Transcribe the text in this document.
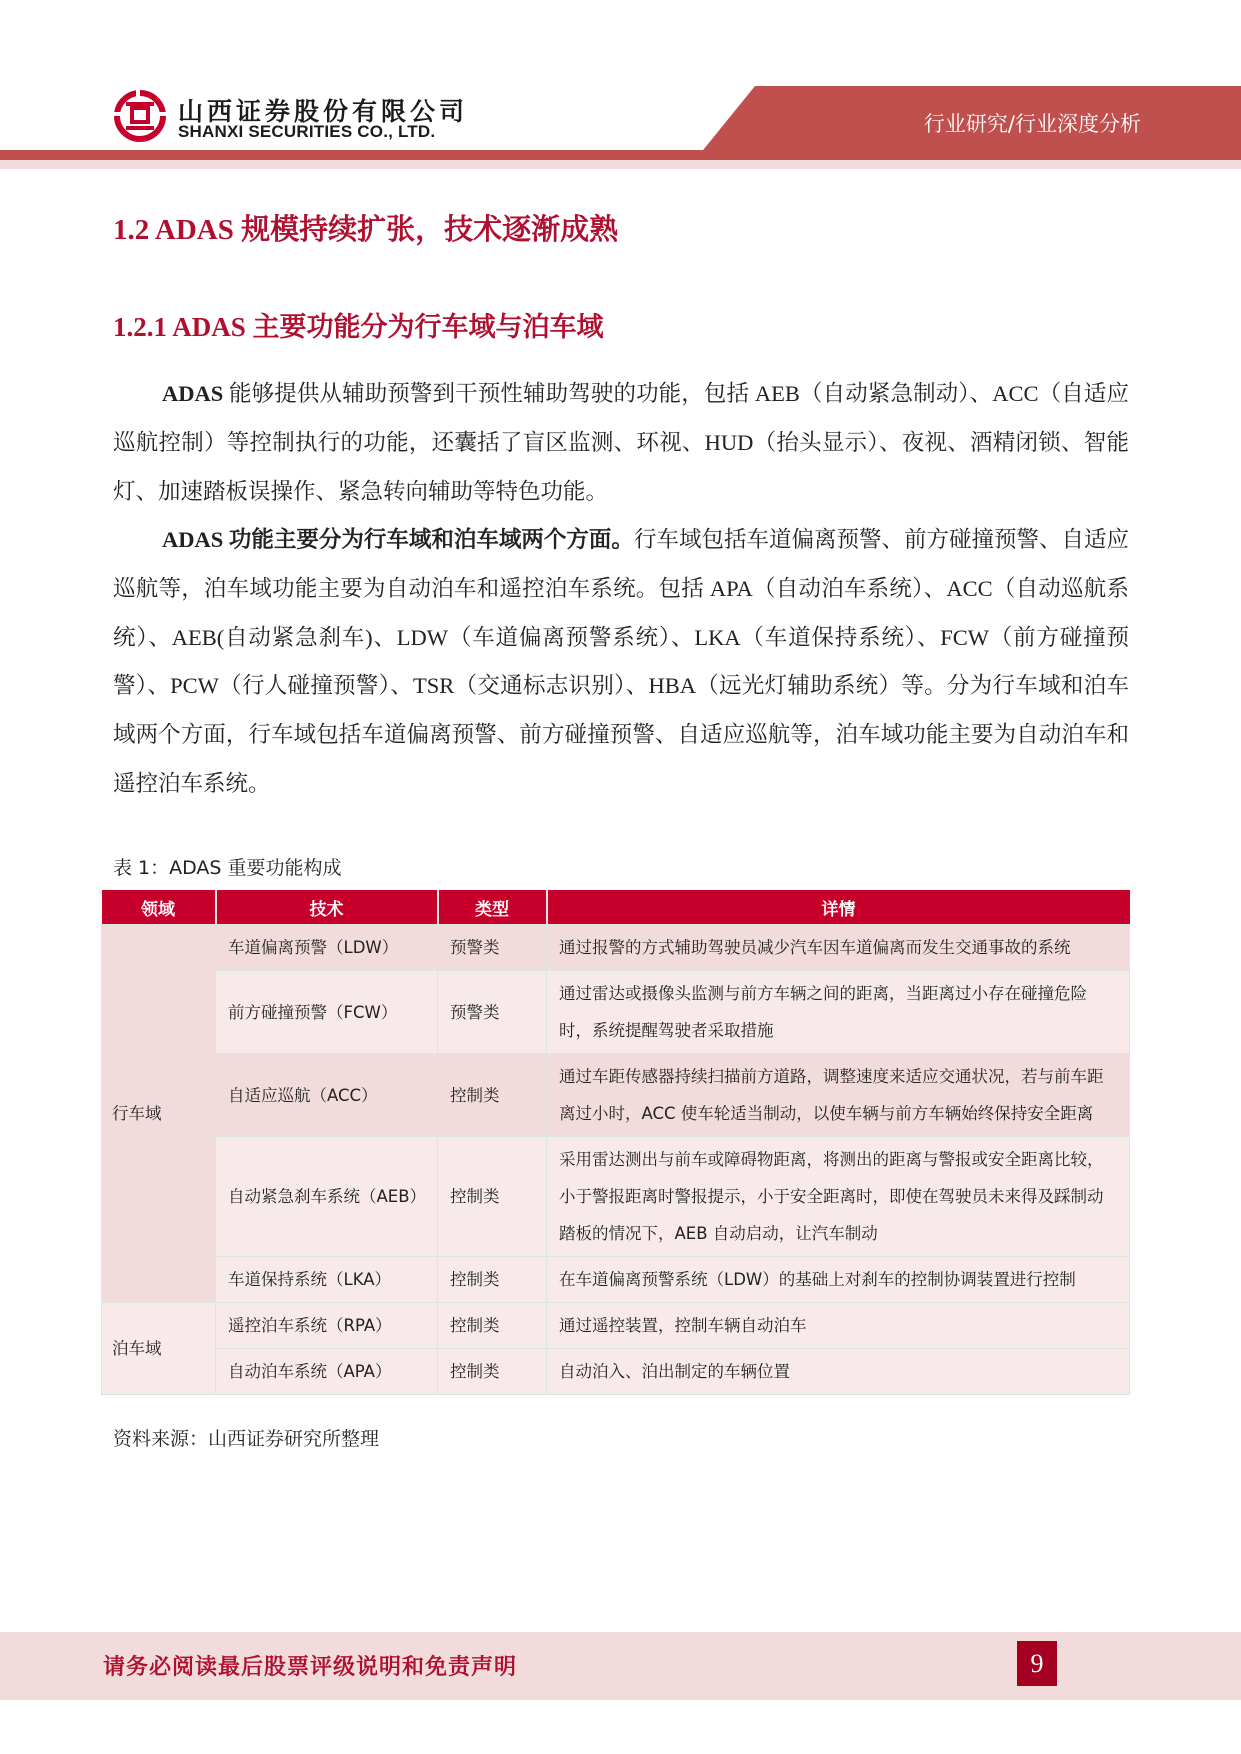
山西证券股份有限公司
SHANXI SECURITIES CO., LTD.	行业研究/行业深度分析
1.2 ADAS 规模持续扩张，技术逐渐成熟
1.2.1 ADAS 主要功能分为行车域与泊车域
ADAS 能够提供从辅助预警到干预性辅助驾驶的功能，包括 AEB（自动紧急制动）、ACC（自适应巡航控制）等控制执行的功能，还囊括了盲区监测、环视、HUD（抬头显示）、夜视、酒精闭锁、智能灯、加速踏板误操作、紧急转向辅助等特色功能。
ADAS 功能主要分为行车域和泊车域两个方面。行车域包括车道偏离预警、前方碰撞预警、自适应巡航等，泊车域功能主要为自动泊车和遥控泊车系统。包括 APA（自动泊车系统）、ACC（自动巡航系统）、AEB(自动紧急刹车)、LDW（车道偏离预警系统）、LKA（车道保持系统）、FCW（前方碰撞预警）、PCW（行人碰撞预警）、TSR（交通标志识别）、HBA（远光灯辅助系统）等。分为行车域和泊车域两个方面，行车域包括车道偏离预警、前方碰撞预警、自适应巡航等，泊车域功能主要为自动泊车和遥控泊车系统。
表 1：ADAS 重要功能构成
领域	技术	类型	详情
行车域	车道偏离预警（LDW）	预警类	通过报警的方式辅助驾驶员减少汽车因车道偏离而发生交通事故的系统
	前方碰撞预警（FCW）	预警类	通过雷达或摄像头监测与前方车辆之间的距离，当距离过小存在碰撞危险时，系统提醒驾驶者采取措施
	自适应巡航（ACC）	控制类	通过车距传感器持续扫描前方道路，调整速度来适应交通状况，若与前车距离过小时，ACC 使车轮适当制动，以使车辆与前方车辆始终保持安全距离
	自动紧急刹车系统（AEB）	控制类	采用雷达测出与前车或障碍物距离，将测出的距离与警报或安全距离比较，小于警报距离时警报提示，小于安全距离时，即使在驾驶员未来得及踩制动踏板的情况下，AEB 自动启动，让汽车制动
	车道保持系统（LKA）	控制类	在车道偏离预警系统（LDW）的基础上对刹车的控制协调装置进行控制
泊车域	遥控泊车系统（RPA）	控制类	通过遥控装置，控制车辆自动泊车
	自动泊车系统（APA）	控制类	自动泊入、泊出制定的车辆位置
资料来源：山西证券研究所整理
请务必阅读最后股票评级说明和免责声明	9
